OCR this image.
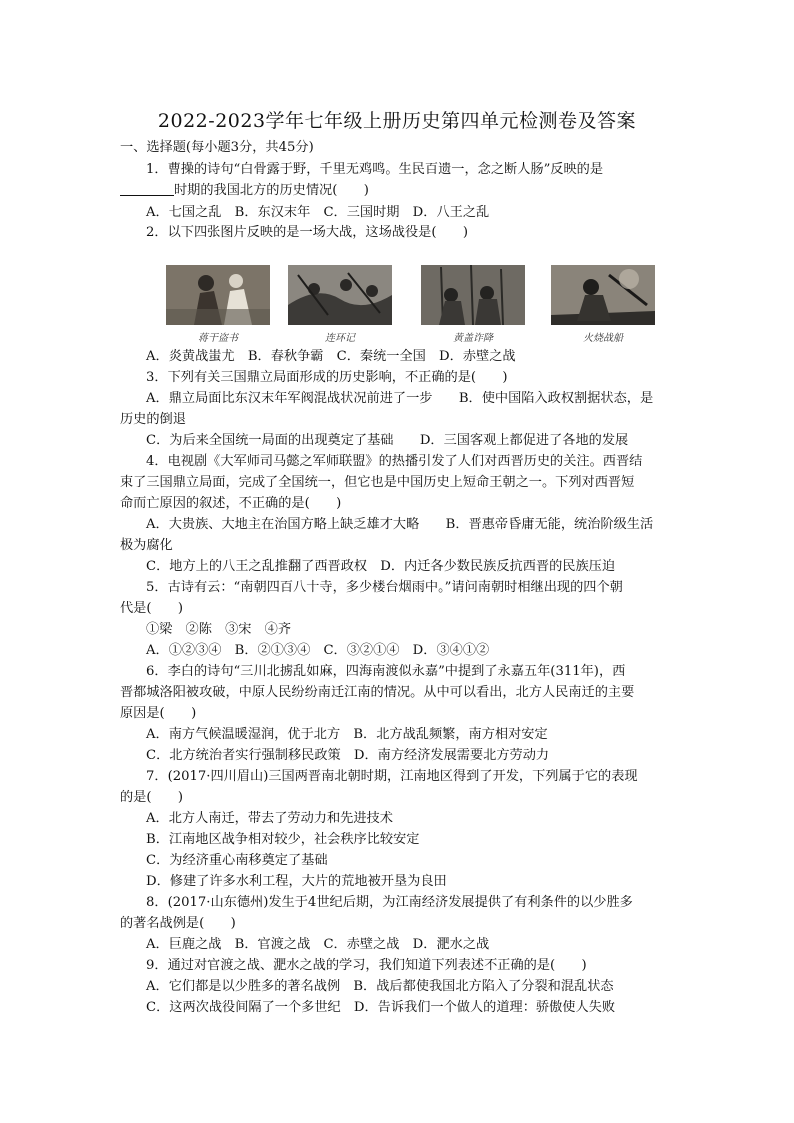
2022-2023学年七年级上册历史第四单元检测卷及答案
一、选择题(每小题3分，共45分)
1．曹操的诗句“白骨露于野，千里无鸡鸣。生民百遗一，念之断人肠”反映的是
时期的我国北方的历史情况(　　)
A．七国之乱　B．东汉末年　C．三国时期　D．八王之乱
2．以下四张图片反映的是一场大战，这场战役是(　　)
蒋干盗书	连环记	黄盖诈降	火烧战船
A．炎黄战蚩尤　B．春秋争霸　C．秦统一全国　D．赤壁之战
3．下列有关三国鼎立局面形成的历史影响，不正确的是(　　)
A．鼎立局面比东汉末年军阀混战状况前进了一步　　B．使中国陷入政权割据状态，是
历史的倒退
C．为后来全国统一局面的出现奠定了基础　　D．三国客观上都促进了各地的发展
4．电视剧《大军师司马懿之军师联盟》的热播引发了人们对西晋历史的关注。西晋结
束了三国鼎立局面，完成了全国统一，但它也是中国历史上短命王朝之一。下列对西晋短
命而亡原因的叙述，不正确的是(　　)
A．大贵族、大地主在治国方略上缺乏雄才大略　　B．晋惠帝昏庸无能，统治阶级生活
极为腐化
C．地方上的八王之乱推翻了西晋政权　D．内迁各少数民族反抗西晋的民族压迫
5．古诗有云：“南朝四百八十寺，多少楼台烟雨中。”请问南朝时相继出现的四个朝
代是(　　)
①梁　②陈　③宋　④齐
A．①②③④　B．②①③④　C．③②①④　D．③④①②
6．李白的诗句“三川北掳乱如麻，四海南渡似永嘉”中提到了永嘉五年(311年)，西
晋都城洛阳被攻破，中原人民纷纷南迁江南的情况。从中可以看出，北方人民南迁的主要
原因是(　　)
A．南方气候温暖湿润，优于北方　B．北方战乱频繁，南方相对安定
C．北方统治者实行强制移民政策　D．南方经济发展需要北方劳动力
7．(2017·四川眉山)三国两晋南北朝时期，江南地区得到了开发，下列属于它的表现
的是(　　)
A．北方人南迁，带去了劳动力和先进技术
B．江南地区战争相对较少，社会秩序比较安定
C．为经济重心南移奠定了基础
D．修建了许多水利工程，大片的荒地被开垦为良田
8．(2017·山东德州)发生于4世纪后期，为江南经济发展提供了有利条件的以少胜多
的著名战例是(　　)
A．巨鹿之战　B．官渡之战　C．赤壁之战　D．淝水之战
9．通过对官渡之战、淝水之战的学习，我们知道下列表述不正确的是(　　)
A．它们都是以少胜多的著名战例　B．战后都使我国北方陷入了分裂和混乱状态
C．这两次战役间隔了一个多世纪　D．告诉我们一个做人的道理：骄傲使人失败
